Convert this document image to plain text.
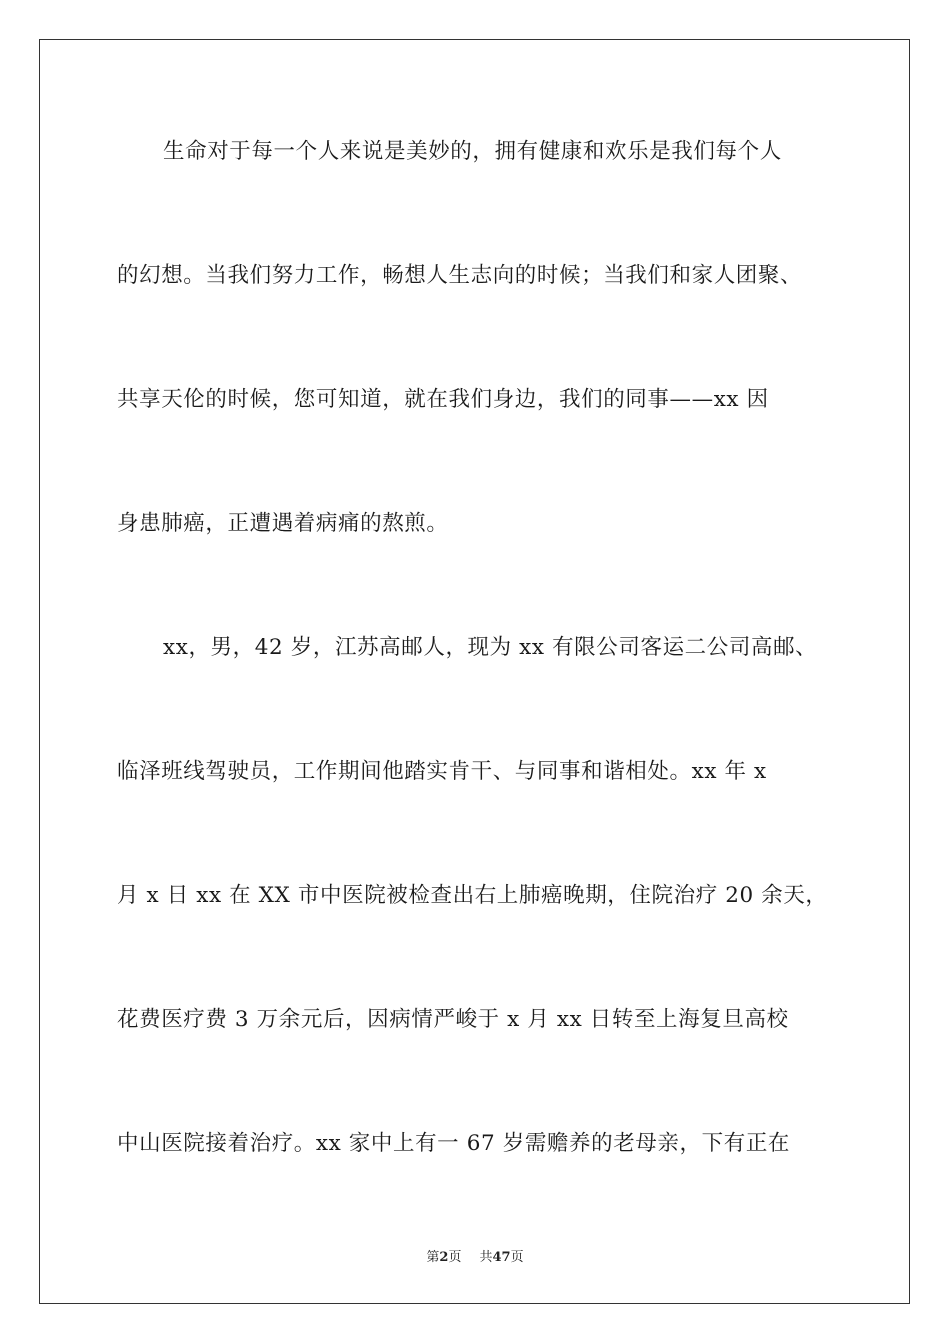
生命对于每一个人来说是美妙的，拥有健康和欢乐是我们每个人
的幻想。当我们努力工作，畅想人生志向的时候；当我们和家人团聚、
共享天伦的时候，您可知道，就在我们身边，我们的同事——xx 因
身患肺癌，正遭遇着病痛的熬煎。
xx，男，42 岁，江苏高邮人，现为 xx 有限公司客运二公司高邮、
临泽班线驾驶员，工作期间他踏实肯干、与同事和谐相处。xx 年 x
月 x 日 xx 在 XX 市中医院被检查出右上肺癌晚期，住院治疗 20 余天，
花费医疗费 3 万余元后，因病情严峻于 x 月 xx 日转至上海复旦高校
中山医院接着治疗。xx 家中上有一 67 岁需赡养的老母亲，下有正在
第2页 共47页
